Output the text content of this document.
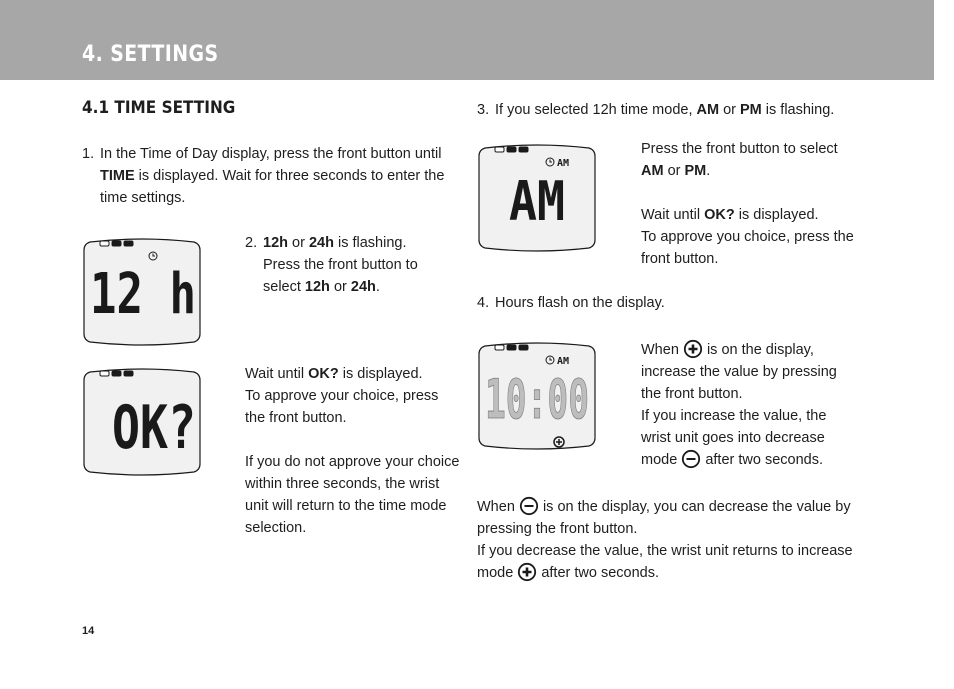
4. SETTINGS
4.1 TIME SETTING
1. In the Time of Day display, press the front button until
TIME is displayed. Wait for three seconds to enter the
time settings.
12 h
2. 12h or 24h is flashing.
Press the front button to
select 12h or 24h.
OK?
Wait until OK? is displayed.
To approve your choice, press
the front button.

If you do not approve your choice
within three seconds, the wrist
unit will return to the time mode
selection.
3. If you selected 12h time mode, AM or PM is flashing.
AM
AM
Press the front button to select
AM or PM.

Wait until OK? is displayed.
To approve you choice, press the
front button.
4. Hours flash on the display.
AM
10:00
When  is on the display,
increase the value by pressing
the front button.
If you increase the value, the
wrist unit goes into decrease
mode  after two seconds.
When  is on the display, you can decrease the value by
pressing the front button.
If you decrease the value, the wrist unit returns to increase
mode  after two seconds.
14
